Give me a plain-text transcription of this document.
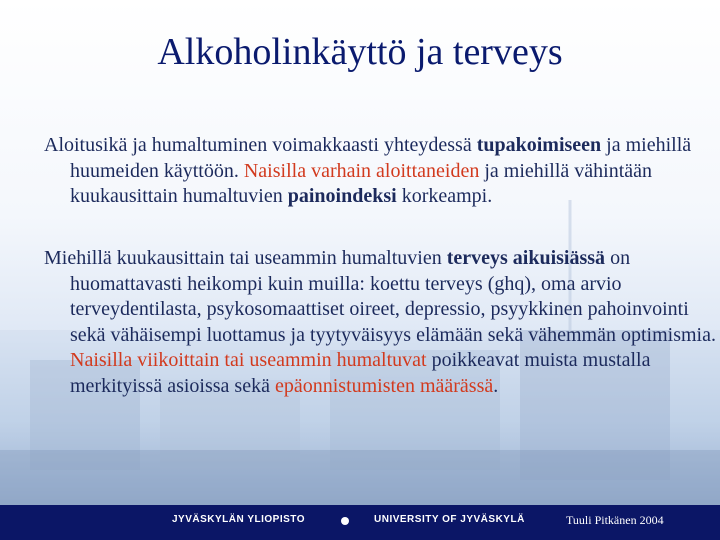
Alkoholinkäyttö ja terveys
Aloitusikä ja humaltuminen voimakkaasti yhteydessä tupakoimiseen ja miehillä huumeiden käyttöön. Naisilla varhain aloittaneiden ja miehillä vähintään kuukausittain humaltuvien painoindeksi korkeampi.
Miehillä kuukausittain tai useammin humaltuvien terveys aikuisiässä on huomattavasti heikompi kuin muilla: koettu terveys (ghq), oma arvio terveydentilasta, psykosomaattiset oireet, depressio, psyykkinen pahoinvointi sekä vähäisempi luottamus ja tyytyväisyys elämään sekä vähemmän optimismia. Naisilla viikoittain tai useammin humaltuvat poikkeavat muista mustalla merkityissä asioissa sekä epäonnistumisten määrässä.
JYVÄSKYLÄN YLIOPISTO	UNIVERSITY OF JYVÄSKYLÄ	Tuuli Pitkänen 2004
